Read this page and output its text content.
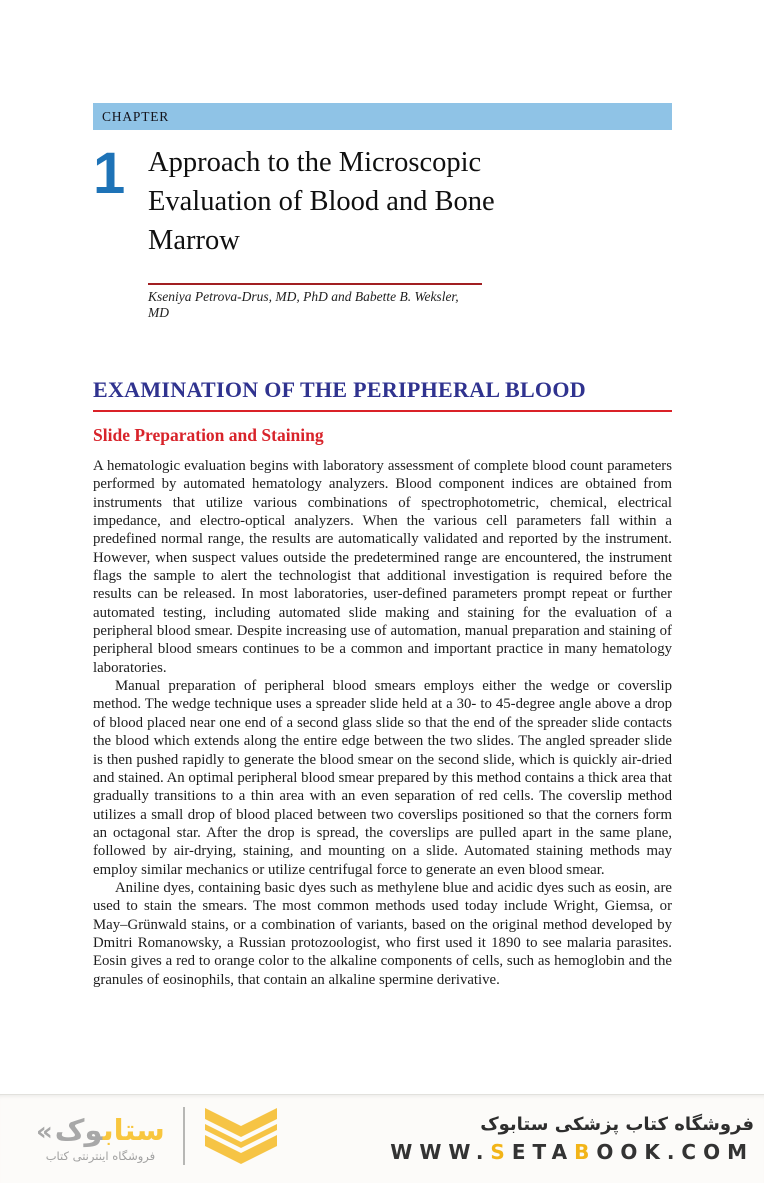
CHAPTER
1 Approach to the Microscopic Evaluation of Blood and Bone Marrow
Kseniya Petrova-Drus, MD, PhD and Babette B. Weksler, MD
EXAMINATION OF THE PERIPHERAL BLOOD
Slide Preparation and Staining

A hematologic evaluation begins with laboratory assessment of complete blood count parameters performed by automated hematology analyzers. Blood component indices are obtained from instruments that utilize various combinations of spectrophotometric, chemical, electrical impedance, and electro-optical analyzers. When the various cell parameters fall within a predefined normal range, the results are automatically validated and reported by the instrument. However, when suspect values outside the predetermined range are encountered, the instrument flags the sample to alert the technologist that additional investigation is required before the results can be released. In most laboratories, user-defined parameters prompt repeat or further automated testing, including automated slide making and staining for the evaluation of a peripheral blood smear. Despite increasing use of automation, manual preparation and staining of peripheral blood smears continues to be a common and important practice in many hematology laboratories.

Manual preparation of peripheral blood smears employs either the wedge or coverslip method. The wedge technique uses a spreader slide held at a 30- to 45-degree angle above a drop of blood placed near one end of a second glass slide so that the end of the spreader slide contacts the blood which extends along the entire edge between the two slides. The angled spreader slide is then pushed rapidly to generate the blood smear on the second slide, which is quickly air-dried and stained. An optimal peripheral blood smear prepared by this method contains a thick area that gradually transitions to a thin area with an even separation of red cells. The coverslip method utilizes a small drop of blood placed between two coverslips positioned so that the corners form an octagonal star. After the drop is spread, the coverslips are pulled apart in the same plane, followed by air-drying, staining, and mounting on a slide. Automated staining methods may employ similar mechanics or utilize centrifugal force to generate an even blood smear.

Aniline dyes, containing basic dyes such as methylene blue and acidic dyes such as eosin, are used to stain the smears. The most common methods used today include Wright, Giemsa, or May–Grünwald stains, or a combination of variants, based on the original method developed by Dmitri Romanowsky, a Russian protozoologist, who first used it 1890 to see malaria parasites. Eosin gives a red to orange color to the alkaline components of cells, such as hemoglobin and the granules of eosinophils, that contain an alkaline spermine derivative.

« ستابوک
فروشگاه اینترنتی کتاب
فروشگاه کتاب پزشکی ستابوک
WWW.SETABOOK.COM
